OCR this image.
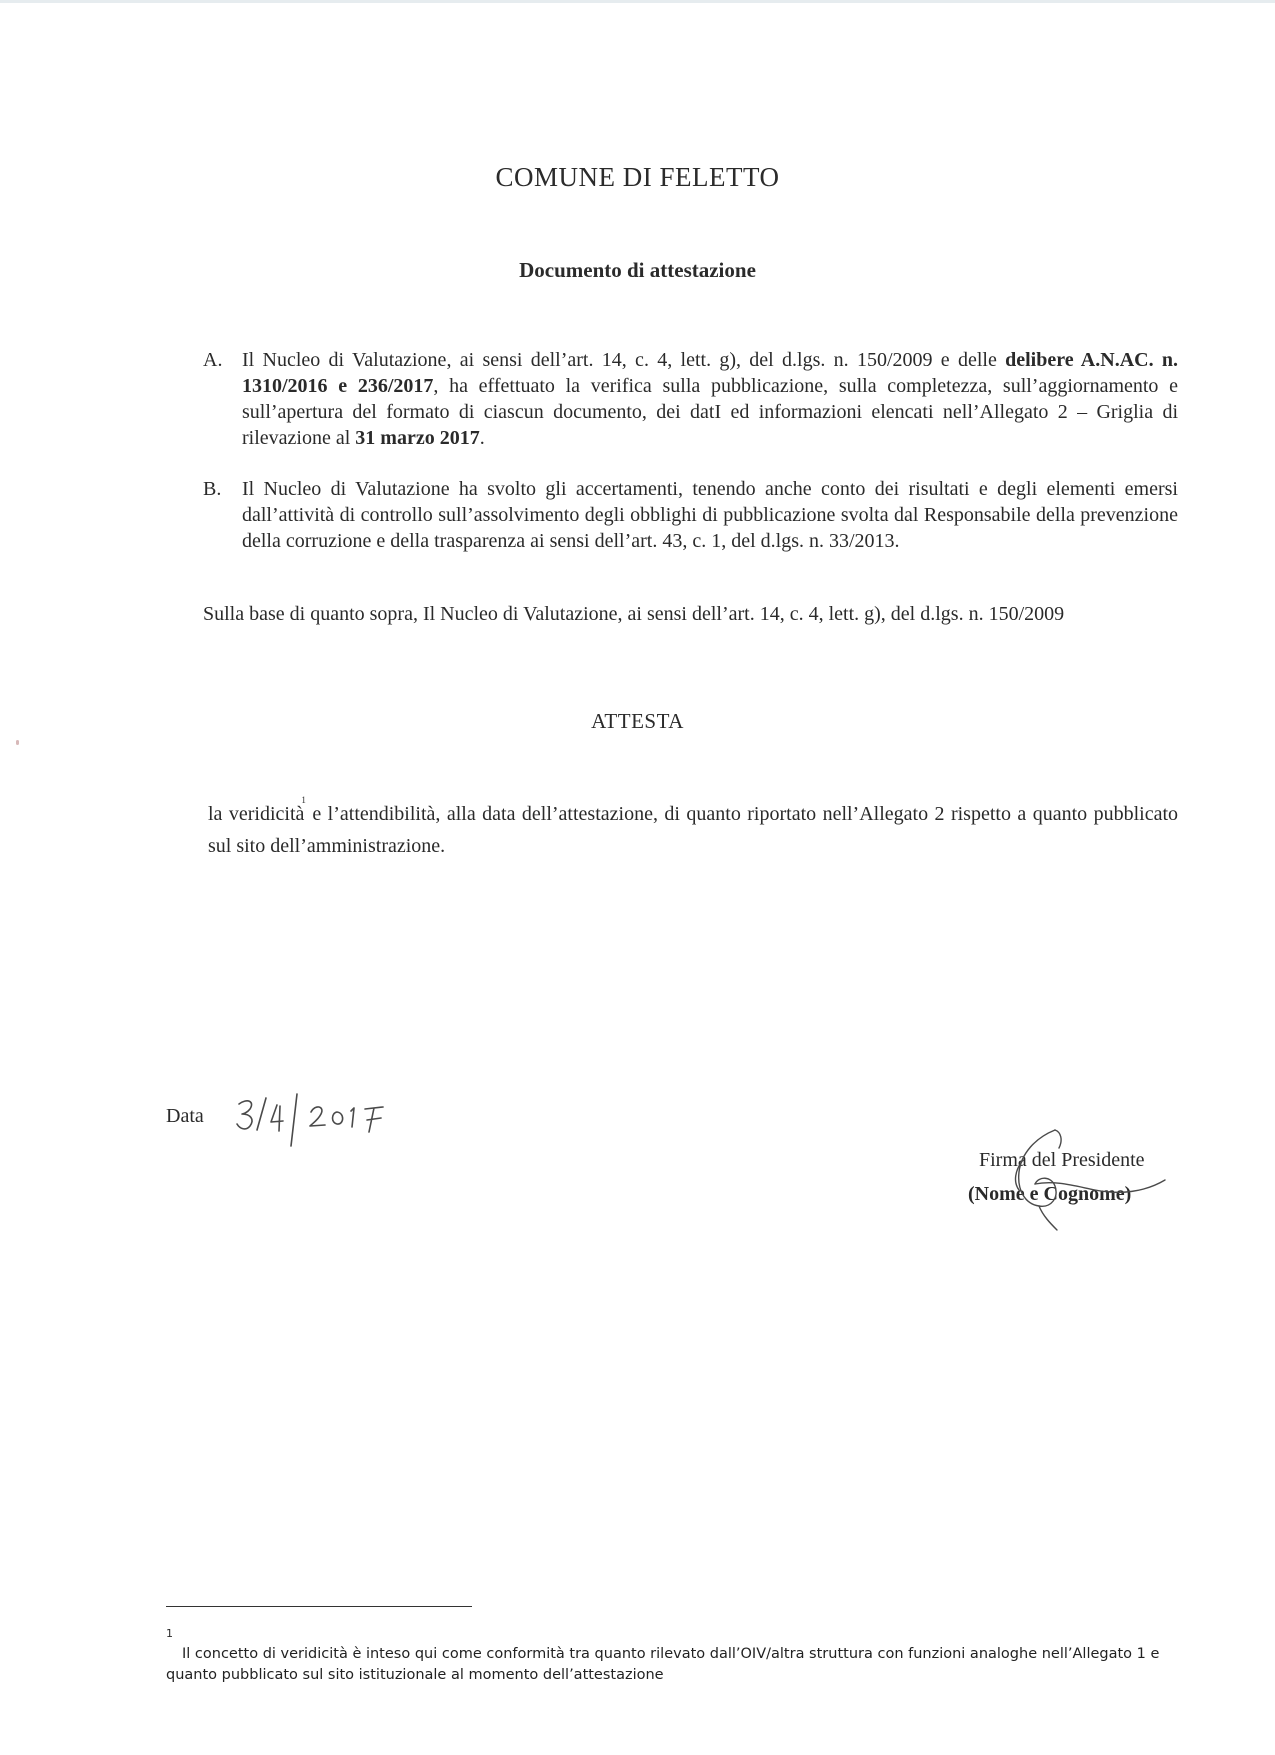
COMUNE DI FELETTO
Documento di attestazione
A. Il Nucleo di Valutazione, ai sensi dell’art. 14, c. 4, lett. g), del d.lgs. n. 150/2009 e delle delibere A.N.AC. n. 1310/2016 e 236/2017, ha effettuato la verifica sulla pubblicazione, sulla completezza, sull’aggiornamento e sull’apertura del formato di ciascun documento, dei datI ed informazioni elencati nell’Allegato 2 – Griglia di rilevazione al 31 marzo 2017.
B. Il Nucleo di Valutazione ha svolto gli accertamenti, tenendo anche conto dei risultati e degli elementi emersi dall’attività di controllo sull’assolvimento degli obblighi di pubblicazione svolta dal Responsabile della prevenzione della corruzione e della trasparenza ai sensi dell’art. 43, c. 1, del d.lgs. n. 33/2013.
Sulla base di quanto sopra, Il Nucleo di Valutazione, ai sensi dell’art. 14, c. 4, lett. g), del d.lgs. n. 150/2009
ATTESTA
la veridicità$^1$ e l’attendibilità, alla data dell’attestazione, di quanto riportato nell’Allegato 2 rispetto a quanto pubblicato sul sito dell’amministrazione.
Data
Firma del Presidente
(Nome e Cognome)
1
Il concetto di veridicità è inteso qui come conformità tra quanto rilevato dall’OIV/altra struttura con funzioni analoghe nell’Allegato 1 e quanto pubblicato sul sito istituzionale al momento dell’attestazione
